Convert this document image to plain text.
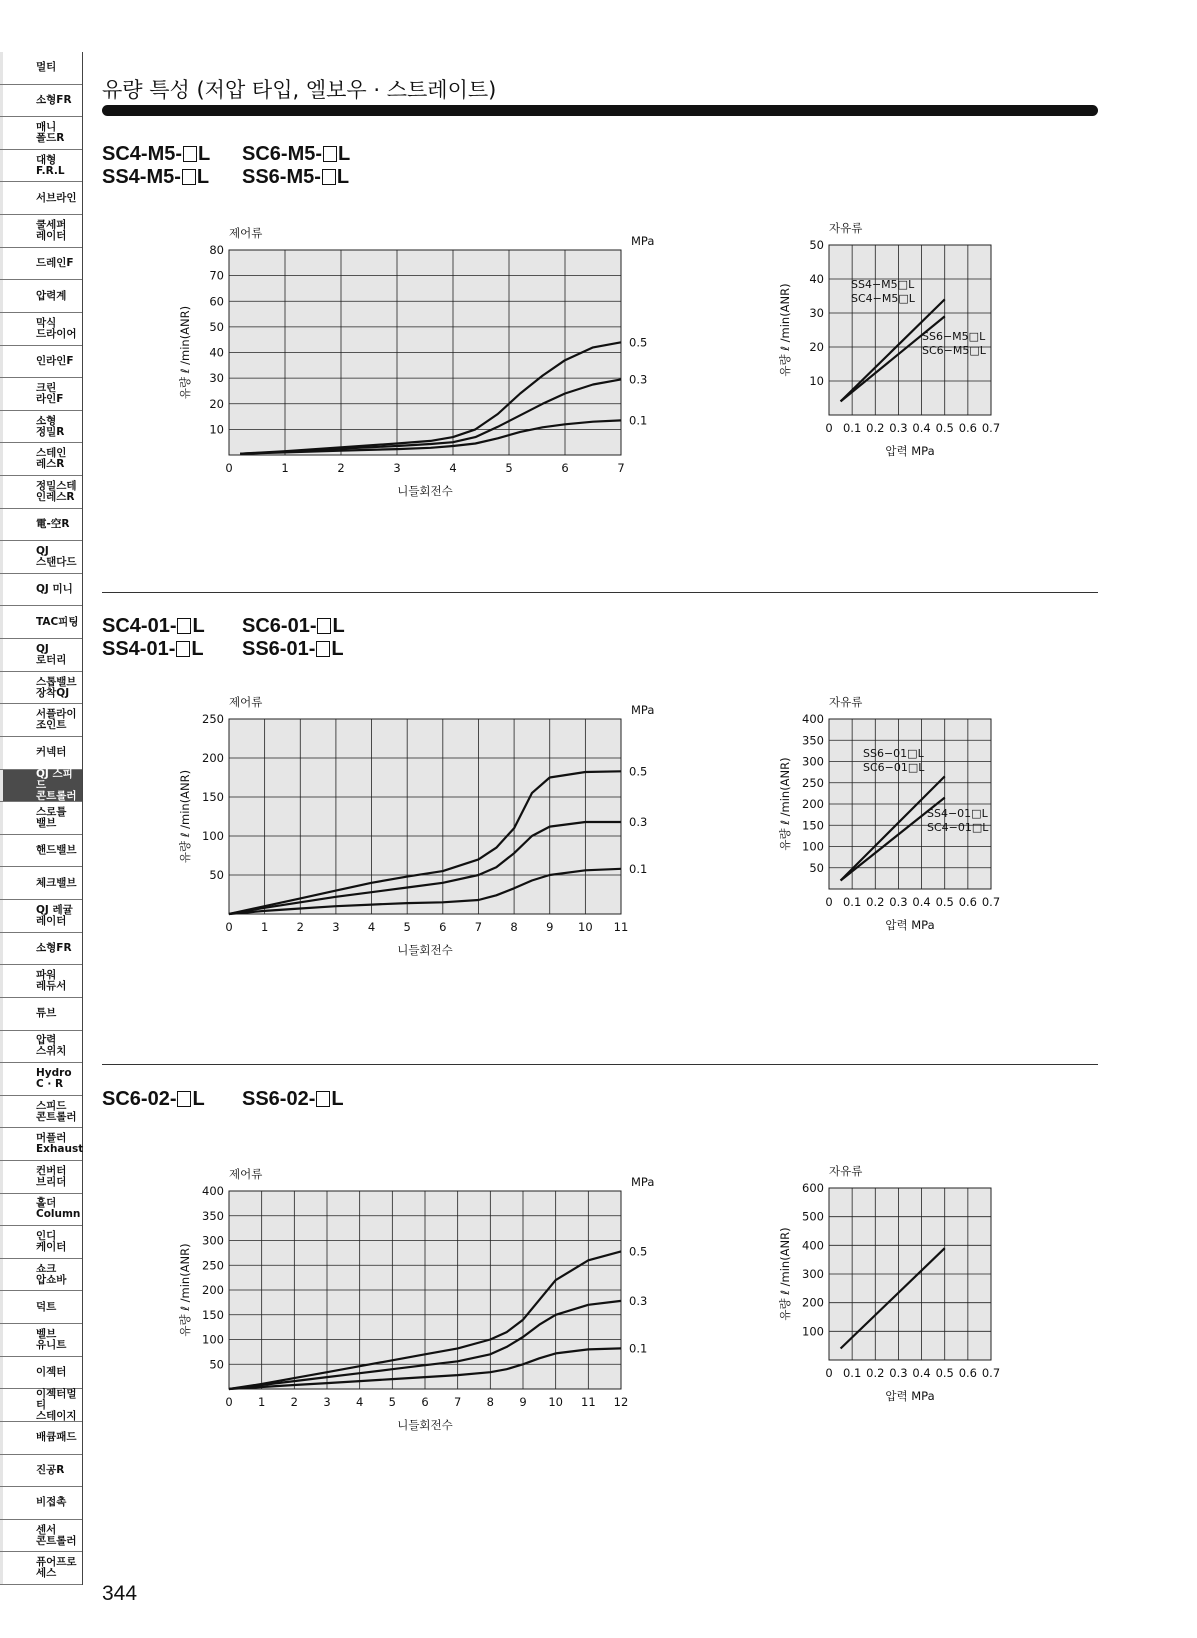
멀티
소형FR
매니
폴드R
대형
F.R.L
서브라인
쿨세퍼
레이터
드레인F
압력계
막식
드라이어
인라인F
크린
라인F
소형
정밀R
스테인
레스R
정밀스테
인레스R
電-空R
QJ
스탠다드
QJ 미니
TAC피팅
QJ
로터리
스톱밸브
장착QJ
서플라이
조인트
커넥터
QJ 스피드
콘트롤러
스로틀
밸브
핸드밸브
체크밸브
QJ 레귤
레이터
소형FR
파워
레듀서
튜브
압력
스위치
Hydro
C · R
스피드
콘트롤러
머플러
Exhaust
컨버터
브리더
홀더
Column
인디
케이터
쇼크
압쇼바
덕트
벨브
유니트
이젝터
이젝터멀티
스테이지
배큠패드
진공R
비접촉
센서
콘트롤러
퓨어프로
세스
유량 특성 (저압 타입, 엘보우 · 스트레이트)
SC4-M5- L SC6-M5- L
SS4-M5- L SS6-M5- L
SC4-01- L SC6-01- L
SS4-01- L SS6-01- L
SC6-02- L SS6-02- L
0	1	2	3	4	5	6	7
10
20
30
40
50
60
70
80
제어류
니들회전수
유량 ℓ /min(ANR)
MPa
0.5
0.3
0.1
0 0.1 0.2 0.3 0.4 0.5 0.6 0.7
10
20
30
40
50
자유류
압력 MPa
유량 ℓ /min(ANR)	SS4−M5□L
SC4−M5□L
SS6−M5□L
SC6−M5□L
0 1 2 3 4 5 6 7 8 9 10 11
50
100
150
200
250
제어류
니들회전수
유량 ℓ /min(ANR)
MPa
0.5
0.3
0.1
0 0.1 0.2 0.3 0.4 0.5 0.6 0.7
50
100
150
200
250
300
350
400
자유류
압력 MPa
유량 ℓ /min(ANR)
SS6−01□L
SC6−01□L
SS4−01□L
SC4−01□L
0 1 2 3 4 5 6 7 8 9 10 11 12
50
100
150
200
250
300
350
400
제어류
니들회전수
유량 ℓ /min(ANR)
MPa
0.5
0.3
0.1
0 0.1 0.2 0.3 0.4 0.5 0.6 0.7
100
200
300
400
500
600
자유류
압력 MPa
유량 ℓ /min(ANR)
344
